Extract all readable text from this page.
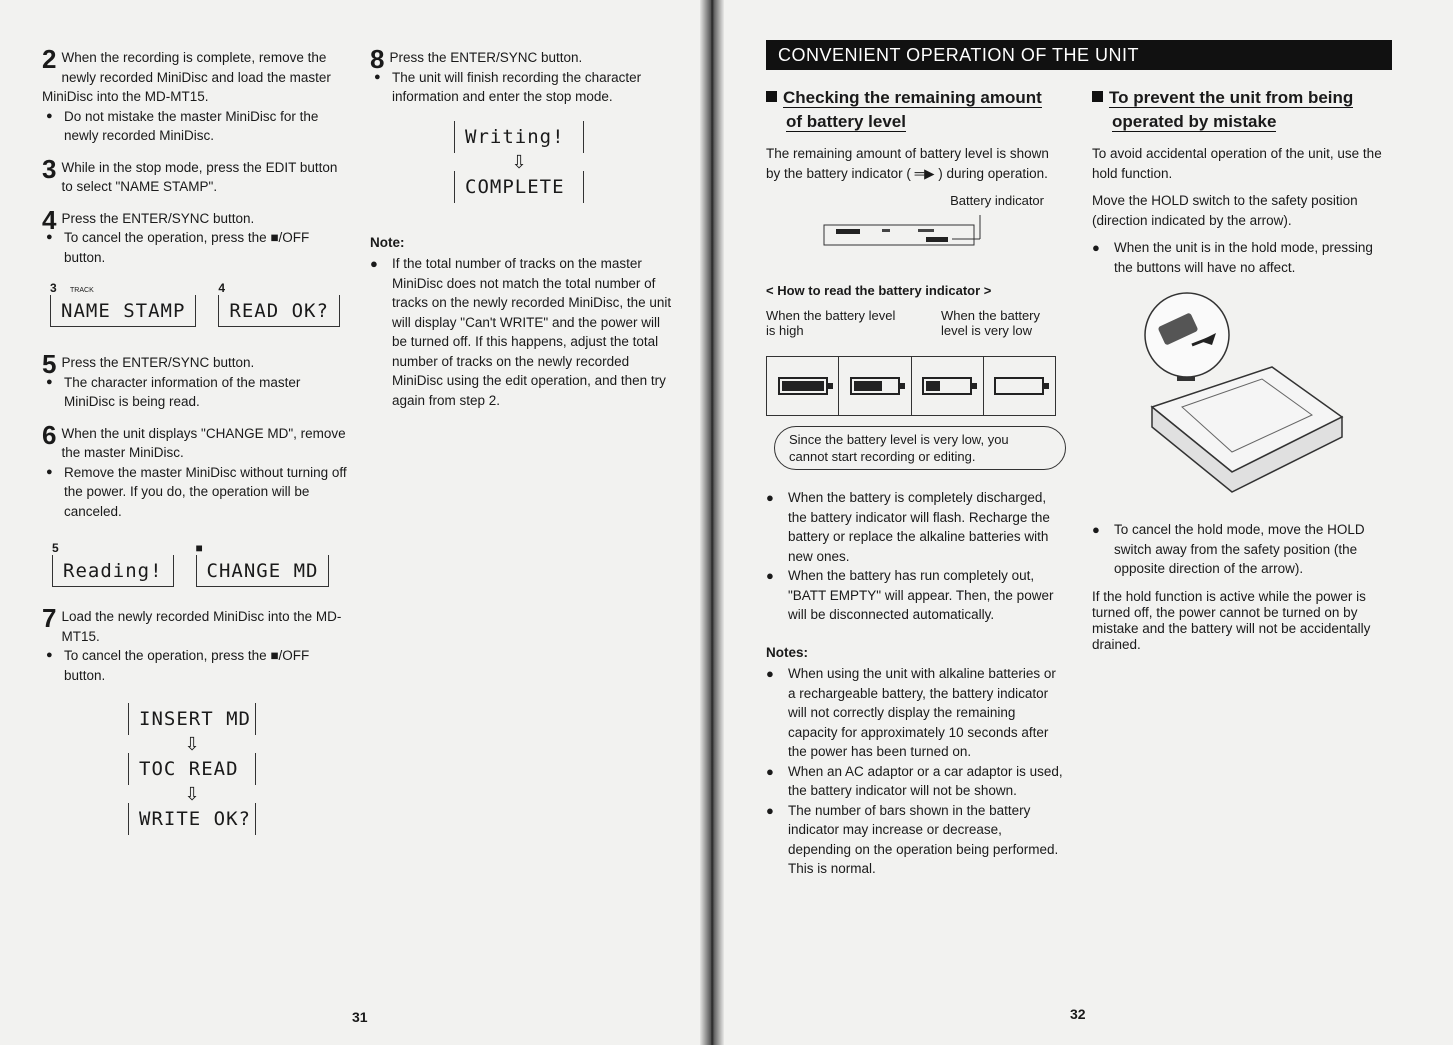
2 When the recording is complete, remove the newly recorded MiniDisc and load the master MiniDisc into the MD-MT15.
● Do not mistake the master MiniDisc for the newly recorded MiniDisc.
3 While in the stop mode, press the EDIT button to select "NAME STAMP".
4 Press the ENTER/SYNC button.
● To cancel the operation, press the ■/OFF button.
3 TRACK
NAME STAMP
4
READ OK?
5 Press the ENTER/SYNC button.
● The character information of the master MiniDisc is being read.
6 When the unit displays "CHANGE MD", remove the master MiniDisc.
● Remove the master MiniDisc without turning off the power. If you do, the operation will be canceled.
5
Reading!
■
CHANGE MD
7 Load the newly recorded MiniDisc into the MD-MT15.
● To cancel the operation, press the ■/OFF button.
INSERT MD
⇩
TOC READ
⇩
WRITE OK?
8 Press the ENTER/SYNC button.
● The unit will finish recording the character information and enter the stop mode.
Writing!
⇩
COMPLETE
Note:
● If the total number of tracks on the master MiniDisc does not match the total number of tracks on the newly recorded MiniDisc, the unit will display "Can't WRITE" and the power will be turned off. If this happens, adjust the total number of tracks on the newly recorded MiniDisc using the edit operation, and then try again from step 2.
31
CONVENIENT OPERATION OF THE UNIT
Checking the remaining amount
of battery level

The remaining amount of battery level is shown by the battery indicator ( ═▶ ) during operation.

Battery indicator
< How to read the battery indicator >
When the battery level is high
When the battery level is very low
Since the battery level is very low, you cannot start recording or editing.
● When the battery is completely discharged, the battery indicator will flash. Recharge the battery or replace the alkaline batteries with new ones.
● When the battery has run completely out, "BATT EMPTY" will appear. Then, the power will be disconnected automatically.
Notes:
● When using the unit with alkaline batteries or a rechargeable battery, the battery indicator will not correctly display the remaining capacity for approximately 10 seconds after the power has been turned on.
● When an AC adaptor or a car adaptor is used, the battery indicator will not be shown.
● The number of bars shown in the battery indicator may increase or decrease, depending on the operation being performed. This is normal.
To prevent the unit from being
operated by mistake

To avoid accidental operation of the unit, use the hold function.

Move the HOLD switch to the safety position (direction indicated by the arrow).

● When the unit is in the hold mode, pressing the buttons will have no affect.
● To cancel the hold mode, move the HOLD switch away from the safety position (the opposite direction of the arrow).

If the hold function is active while the power is turned off, the power cannot be turned on by mistake and the battery will not be accidentally drained.

32
